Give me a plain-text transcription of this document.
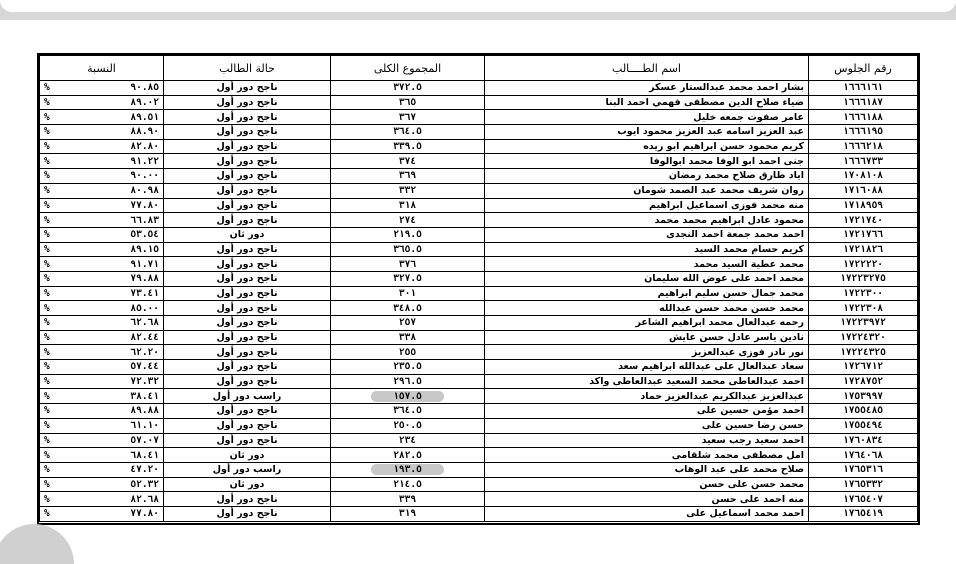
رقم الجلوس	اسم الطــــالب	المجموع الكلى	حالة الطالب	النسبة
١٦٦٦١٦١	بشار احمد محمد عبدالستار عسكر	٣٧٢.٥	ناجح دور أول	% ٩٠.٨٥

١٦٦٦١٨٧	ضياء صلاح الدين مصطفى فهمي احمد البنا	٣٦٥	ناجح دور أول	% ٨٩.٠٢

١٦٦٦١٨٨	عامر صفوت جمعه خليل	٣٦٧	ناجح دور أول	% ٨٩.٥١

١٦٦٦١٩٥	عبد العزيز اسامه عبد العزيز محمود ايوب	٣٦٤.٥	ناجح دور أول	% ٨٨.٩٠

١٦٦٦٢١٨	كريم محمود حسن ابراهيم ابو ريده	٣٣٩.٥	ناجح دور أول	% ٨٢.٨٠

١٦٦٦٧٣٣	جنى احمد ابو الوفا محمد ابوالوفا	٣٧٤	ناجح دور أول	% ٩١.٢٢

١٧٠٨١٠٨	اياد طارق صلاح محمد رمضان	٣٦٩	ناجح دور أول	% ٩٠.٠٠

١٧١٦٠٨٨	روان شريف محمد عبد الصمد شومان	٣٣٢	ناجح دور أول	% ٨٠.٩٨

١٧١٨٩٥٩	منه محمد فوزى اسماعيل ابراهيم	٣١٨	ناجح دور أول	% ٧٧.٨٠

١٧٢١٧٤٠	محمود عادل ابراهيم محمد محمد	٢٧٤	ناجح دور أول	% ٦٦.٨٣

١٧٢١٧٦٦	احمد محمد جمعة احمد النجدى	٢١٩.٥	دور ثان	% ٥٣.٥٤

١٧٢١٨٢٦	كريم حسام محمد السيد	٣٦٥.٥	ناجح دور أول	% ٨٩.١٥

١٧٢٢٢٢٠	محمد عطية السيد محمد	٣٧٦	ناجح دور أول	% ٩١.٧١

١٧٢٢٣٢٧٥	محمد احمد على عوض الله سليمان	٣٢٧.٥	ناجح دور أول	% ٧٩.٨٨

١٧٢٢٣٠٠	محمد جمال حسن سليم ابراهيم	٣٠١	ناجح دور أول	% ٧٣.٤١

١٧٢٢٣٠٨	محمد حسن محمد حسن عبدالله	٣٤٨.٥	ناجح دور أول	% ٨٥.٠٠

١٧٢٢٣٩٧٢	رحمه عبدالعال محمد ابراهيم الشاعر	٢٥٧	ناجح دور أول	% ٦٢.٦٨

١٧٢٢٤٣٢٠	نادين ياسر عادل حسن عايش	٣٣٨	ناجح دور أول	% ٨٢.٤٤

١٧٢٢٤٣٢٥	نور نادر فوزى عبدالعزيز	٢٥٥	ناجح دور أول	% ٦٢.٢٠

١٧٢٦٧١٢	سعاد عبدالعال على عبدالله ابراهيم سعد	٢٣٥.٥	ناجح دور أول	% ٥٧.٤٤

١٧٢٨٧٥٢	احمد عبدالعاطى محمد السعيد عبدالعاطى واكد	٢٩٦.٥	ناجح دور أول	% ٧٢.٣٢

١٧٥٣٩٩٧	عبدالعزيز عبدالكريم عبدالعزيز حماد	١٥٧.٥	راسب دور أول	% ٣٨.٤١

١٧٥٥٤٨٥	احمد مؤمن حسين على	٣٦٤.٥	ناجح دور أول	% ٨٩.٨٨

١٧٥٥٤٩٤	حسن رضا حسين على	٢٥٠.٥	ناجح دور أول	% ٦١.١٠

١٧٦٠٨٣٤	احمد سعيد رجب سعيد	٢٣٤	ناجح دور أول	% ٥٧.٠٧

١٧٦٤٠٦٨	امل مصطفى محمد شلقامى	٢٨٢.٥	دور ثان	% ٦٨.٤١

١٧٦٥٣١٦	صلاح محمد على عبد الوهاب	١٩٣.٥	راسب دور أول	% ٤٧.٢٠

١٧٦٥٣٣٢	محمد حسن على حسن	٢١٤.٥	دور ثان	% ٥٢.٣٢

١٧٦٥٤٠٧	منه احمد على حسن	٣٣٩	ناجح دور أول	% ٨٢.٦٨

١٧٦٥٤١٩	احمد محمد اسماعيل على	٣١٩	ناجح دور أول	% ٧٧.٨٠
